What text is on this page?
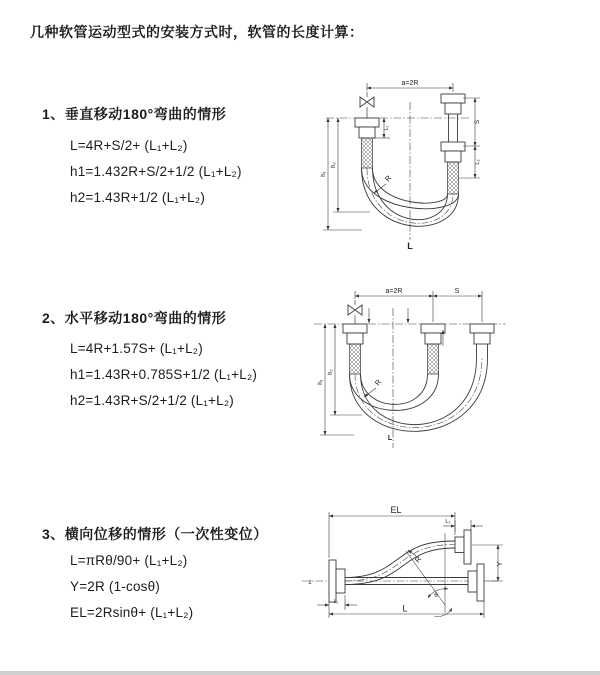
几种软管运动型式的安装方式时，软管的长度计算：
1、垂直移动180°弯曲的情形
L=4R+S/2+ (L₁+L₂)
h1=1.432R+S/2+1/2 (L₁+L₂)
h2=1.43R+1/2 (L₁+L₂)
a=2R
S
L₂
L₁
h₁
h₂
R
L
2、水平移动180°弯曲的情形
L=4R+1.57S+ (L₁+L₂)
h1=1.43R+0.785S+1/2 (L₁+L₂)
h2=1.43R+S/2+1/2 (L₁+L₂)
a=2R	S
h₁
h₂
R
L
3、横向位移的情形（一次性变位）
L=πRθ/90+ (L₁+L₂)
Y=2R (1-cosθ)
EL=2Rsinθ+ (L₁+L₂)
EL
L₂
Y
L
L₁
R
θ
z
